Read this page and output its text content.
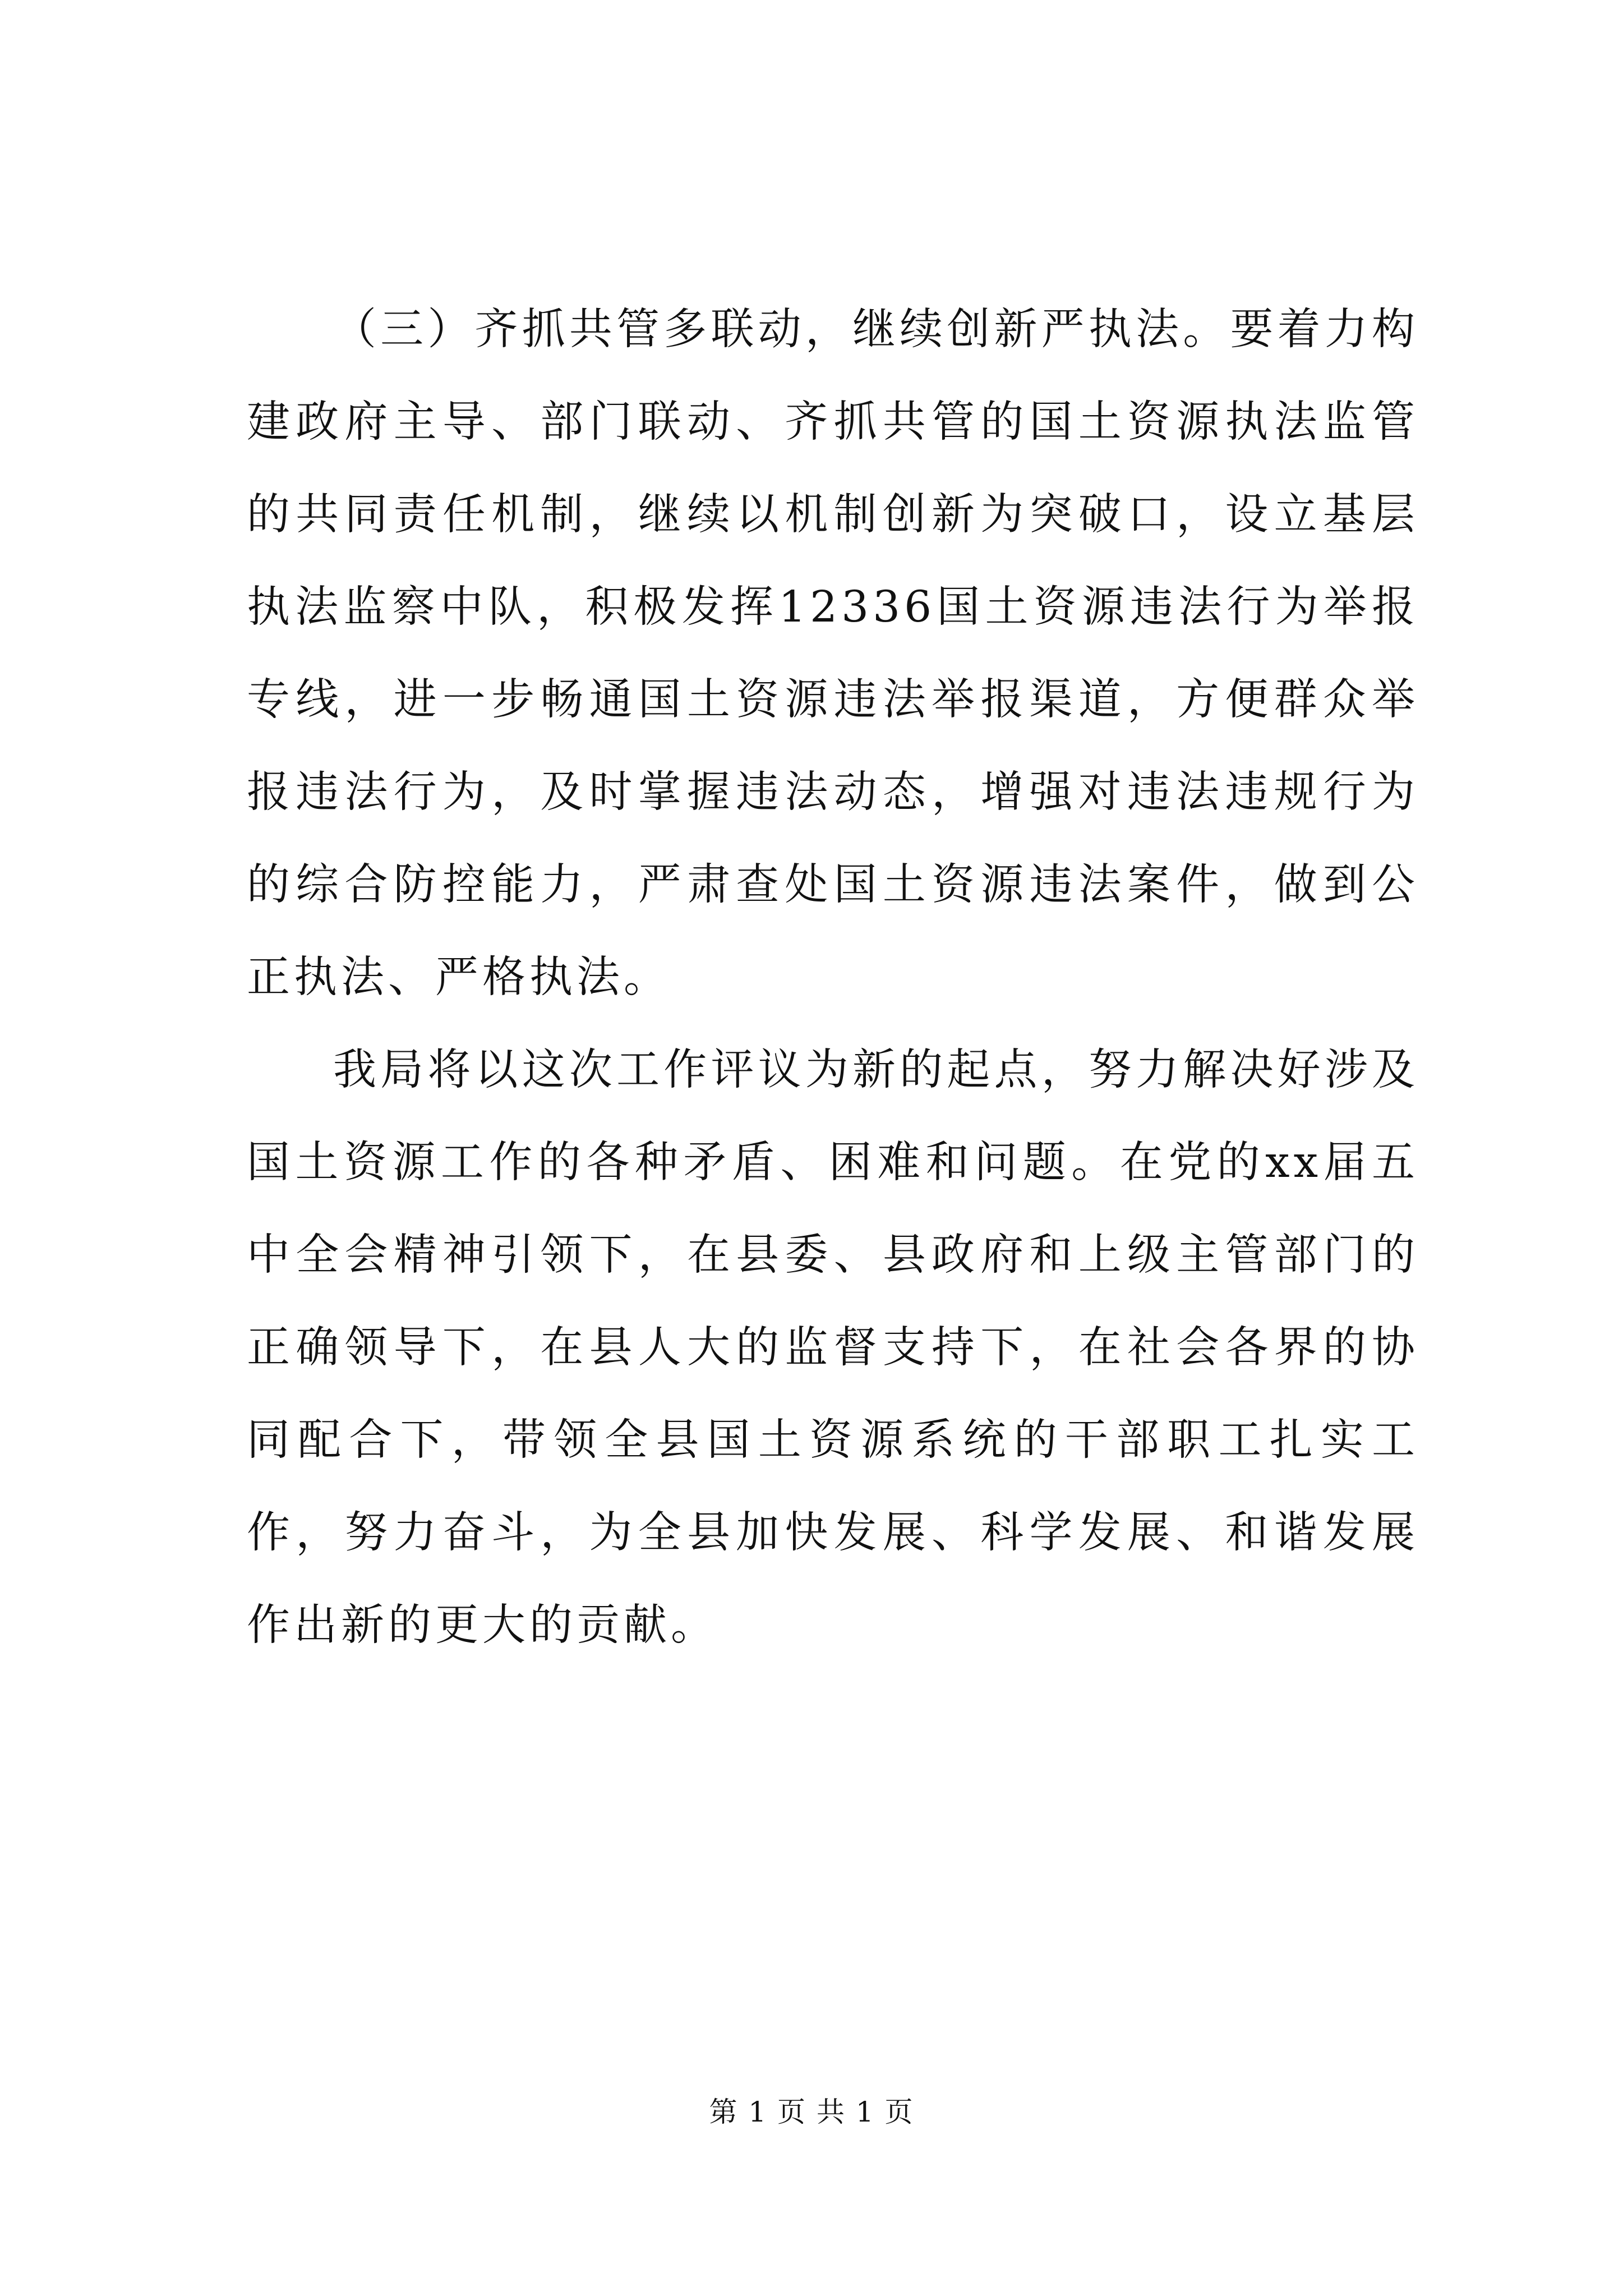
（三）齐抓共管多联动，继续创新严执法。要着力构建政府主导、部门联动、齐抓共管的国土资源执法监管的共同责任机制，继续以机制创新为突破口，设立基层执法监察中队，积极发挥12336国土资源违法行为举报专线，进一步畅通国土资源违法举报渠道，方便群众举报违法行为，及时掌握违法动态，增强对违法违规行为的综合防控能力，严肃查处国土资源违法案件，做到公正执法、严格执法。

我局将以这次工作评议为新的起点，努力解决好涉及国土资源工作的各种矛盾、困难和问题。在党的xx届五中全会精神引领下，在县委、县政府和上级主管部门的正确领导下，在县人大的监督支持下，在社会各界的协同配合下，带领全县国土资源系统的干部职工扎实工作，努力奋斗，为全县加快发展、科学发展、和谐发展作出新的更大的贡献。

第 1 页 共 1 页
